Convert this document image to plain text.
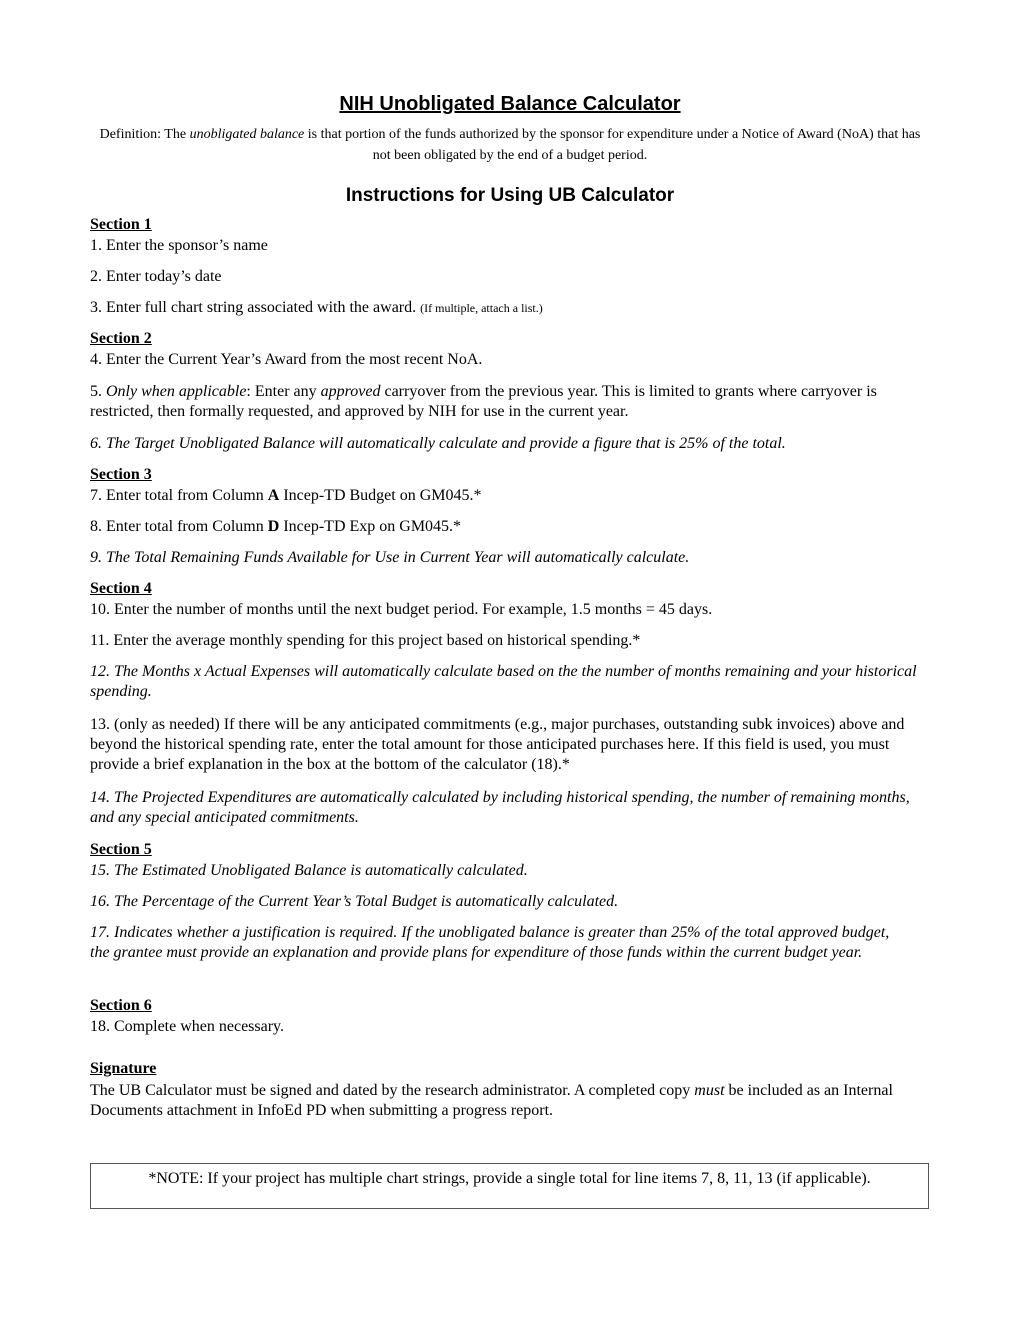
NIH Unobligated Balance Calculator
Definition: The unobligated balance is that portion of the funds authorized by the sponsor for expenditure under a Notice of Award (NoA) that has not been obligated by the end of a budget period.
Instructions for Using UB Calculator
Section 1
1. Enter the sponsor’s name
2. Enter today’s date
3. Enter full chart string associated with the award. (If multiple, attach a list.)
Section 2
4. Enter the Current Year’s Award from the most recent NoA.
5. Only when applicable: Enter any approved carryover from the previous year. This is limited to grants where carryover is restricted, then formally requested, and approved by NIH for use in the current year.
6. The Target Unobligated Balance will automatically calculate and provide a figure that is 25% of the total.
Section 3
7. Enter total from Column A Incep-TD Budget on GM045.*
8. Enter total from Column D Incep-TD Exp on GM045.*
9. The Total Remaining Funds Available for Use in Current Year will automatically calculate.
Section 4
10. Enter the number of months until the next budget period. For example, 1.5 months = 45 days.
11. Enter the average monthly spending for this project based on historical spending.*
12. The Months x Actual Expenses will automatically calculate based on the the number of months remaining and your historical spending.
13. (only as needed) If there will be any anticipated commitments (e.g., major purchases, outstanding subk invoices) above and beyond the historical spending rate, enter the total amount for those anticipated purchases here. If this field is used, you must provide a brief explanation in the box at the bottom of the calculator (18).*
14. The Projected Expenditures are automatically calculated by including historical spending, the number of remaining months, and any special anticipated commitments.
Section 5
15. The Estimated Unobligated Balance is automatically calculated.
16. The Percentage of the Current Year’s Total Budget is automatically calculated.
17. Indicates whether a justification is required. If the unobligated balance is greater than 25% of the total approved budget, the grantee must provide an explanation and provide plans for expenditure of those funds within the current budget year.
Section 6
18. Complete when necessary.
Signature
The UB Calculator must be signed and dated by the research administrator. A completed copy must be included as an Internal Documents attachment in InfoEd PD when submitting a progress report.
*NOTE: If your project has multiple chart strings, provide a single total for line items 7, 8, 11, 13 (if applicable).
